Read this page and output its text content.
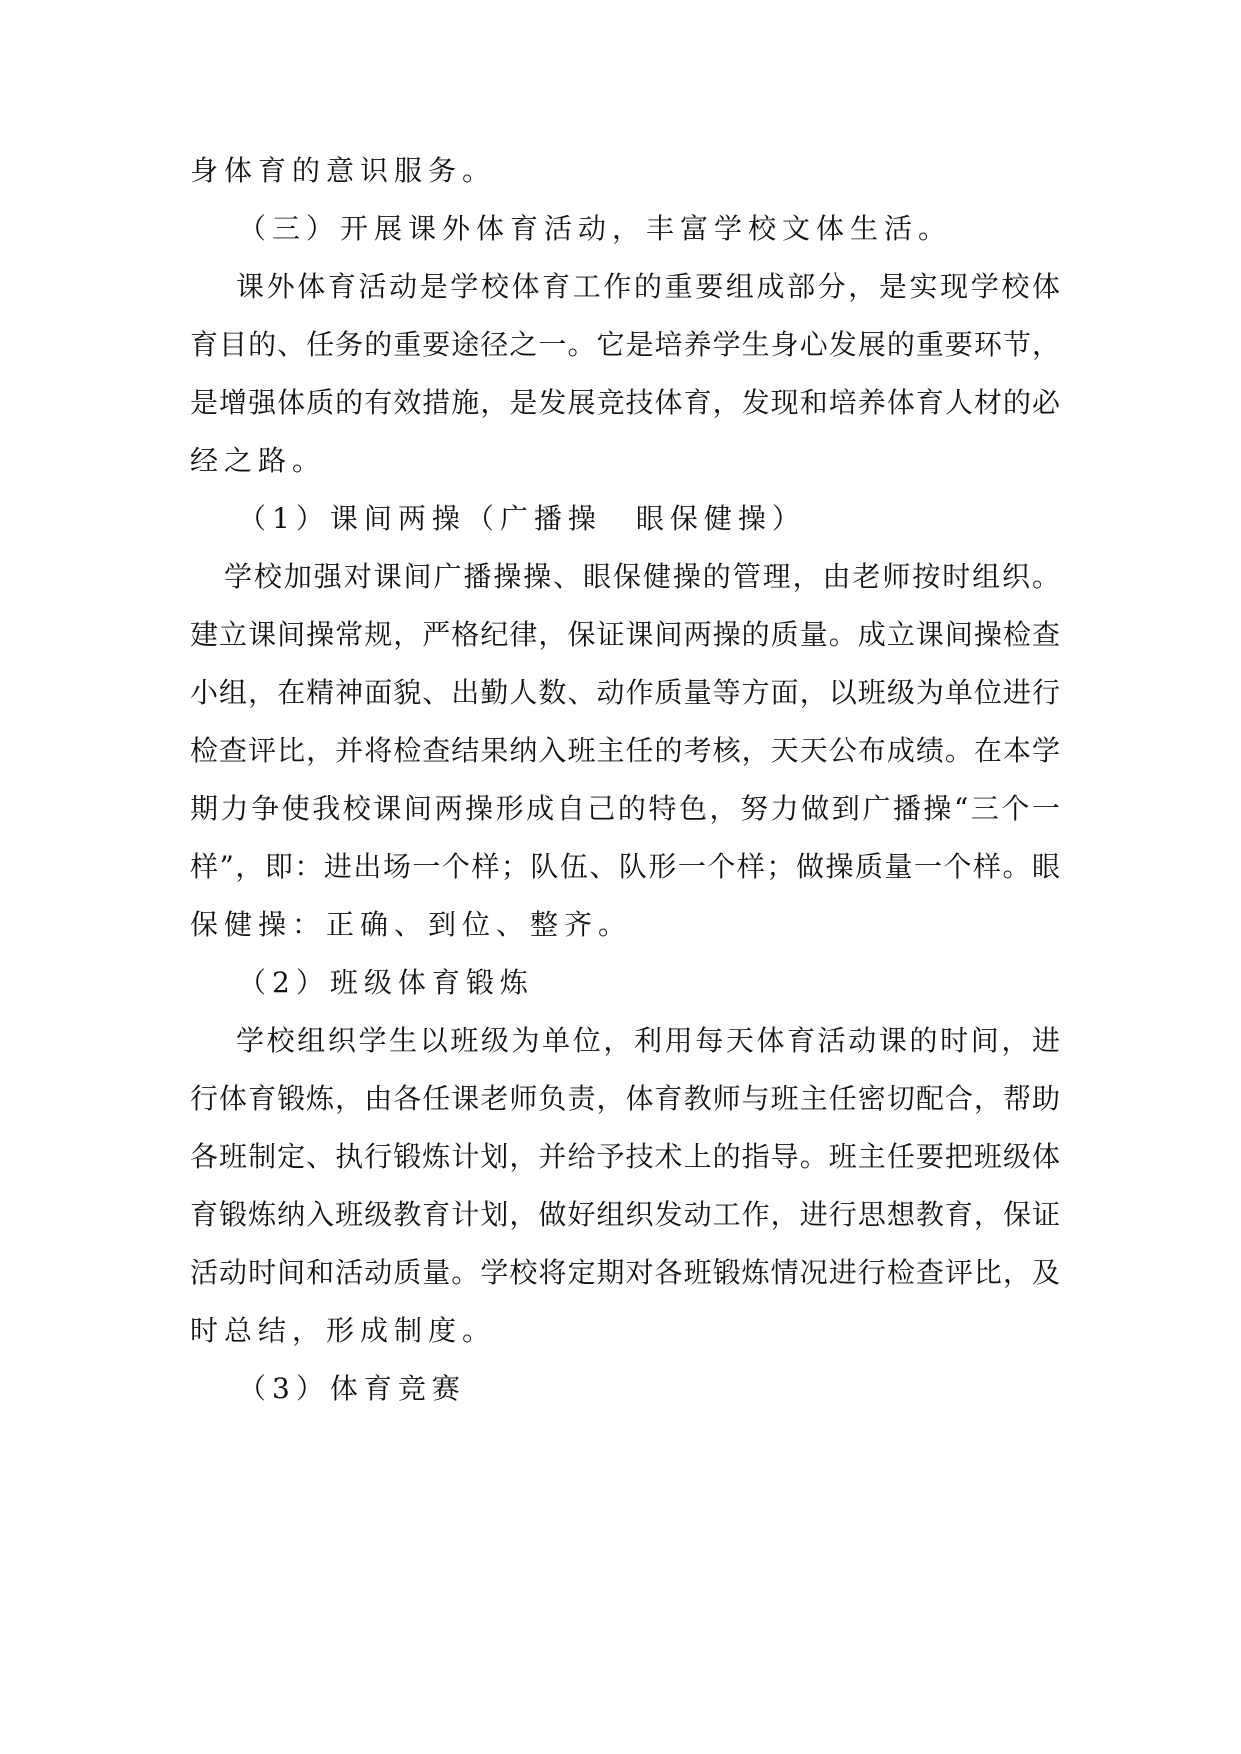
身体育的意识服务。
（三）开展课外体育活动，丰富学校文体生活。
课外体育活动是学校体育工作的重要组成部分，是实现学校体
育目的、任务的重要途径之一。它是培养学生身心发展的重要环节，
是增强体质的有效措施，是发展竞技体育，发现和培养体育人材的必
经之路。
（1）课间两操（广播操　眼保健操）
学校加强对课间广播操操、眼保健操的管理，由老师按时组织。
建立课间操常规，严格纪律，保证课间两操的质量。成立课间操检查
小组，在精神面貌、出勤人数、动作质量等方面，以班级为单位进行
检查评比，并将检查结果纳入班主任的考核，天天公布成绩。在本学
期力争使我校课间两操形成自己的特色，努力做到广播操“三个一
样”，即：进出场一个样；队伍、队形一个样；做操质量一个样。眼
保健操：正确、到位、整齐。
（2）班级体育锻炼
学校组织学生以班级为单位，利用每天体育活动课的时间，进
行体育锻炼，由各任课老师负责，体育教师与班主任密切配合，帮助
各班制定、执行锻炼计划，并给予技术上的指导。班主任要把班级体
育锻炼纳入班级教育计划，做好组织发动工作，进行思想教育，保证
活动时间和活动质量。学校将定期对各班锻炼情况进行检查评比，及
时总结，形成制度。
（3）体育竞赛
